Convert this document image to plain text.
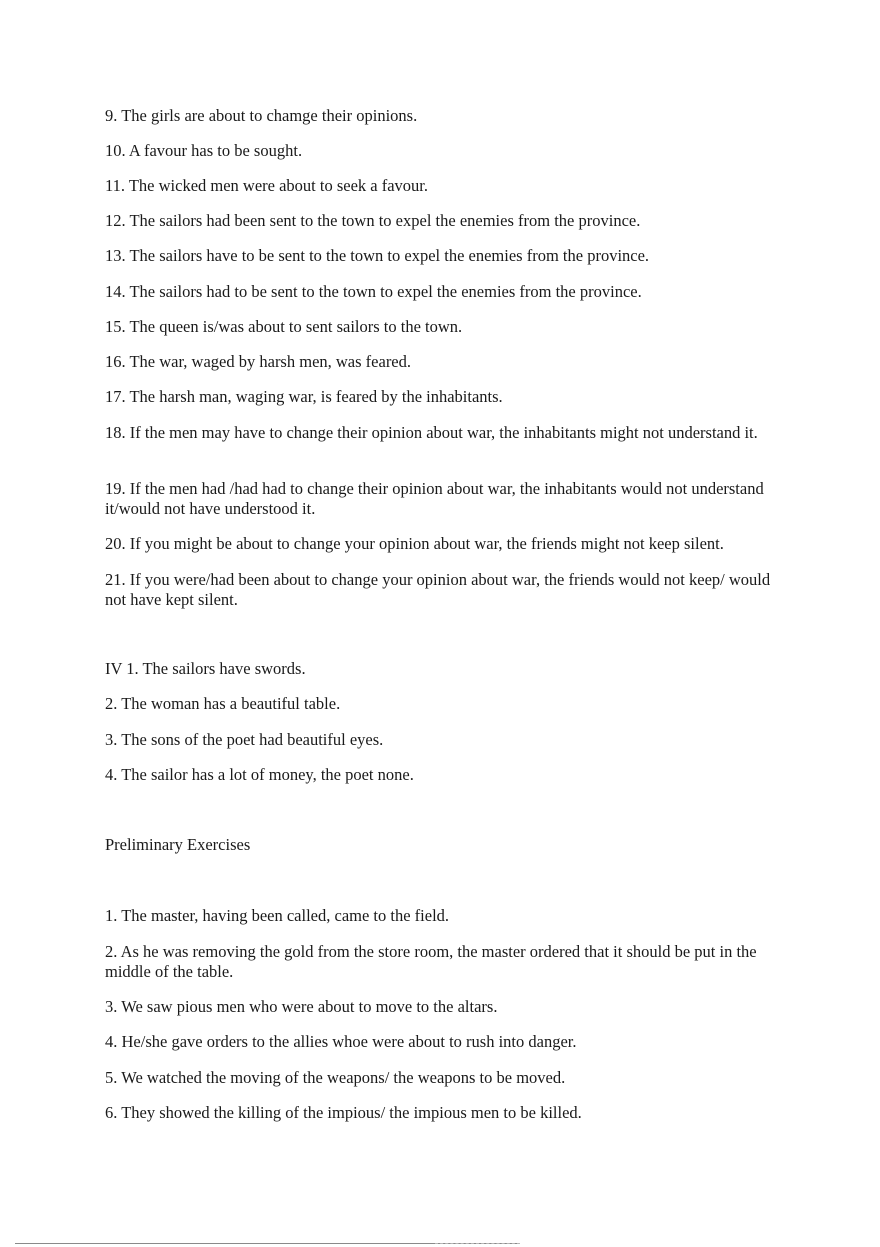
9. The girls are about to chamge their opinions.

10. A favour has to be sought.

11. The wicked men were about to seek a favour.

12. The sailors had been sent to the town to expel the enemies from the province.

13. The sailors have to be sent to the town to expel the enemies from the province.

14. The sailors had to be sent to the town to expel the enemies from the province.

15. The queen is/was about to sent sailors to the town.

16. The war, waged by harsh men, was feared.

17. The harsh man, waging war, is feared by the inhabitants.

18. If the men may have to change their opinion about war, the inhabitants might not understand it.

19. If the men had /had had to change their opinion about war, the inhabitants would not understand it/would not have understood it.

20. If you might be about to change your opinion about war, the friends might not keep silent.

21. If you were/had been about to change your opinion about war, the friends would not keep/ would not have kept silent.

IV 1. The sailors have swords.

2. The woman has a beautiful table.

3. The sons of the poet had beautiful eyes.

4. The sailor has a lot of money, the poet none.

Preliminary Exercises

1. The master, having been called, came to the field.

2. As he was removing the gold from the store room, the master ordered that it should be put in the middle of the table.

3. We saw pious men who were about to move to the altars.

4. He/she gave orders to the allies whoe were about to rush into danger.

5. We watched the moving of the weapons/ the weapons to be moved.

6. They showed the killing of the impious/ the impious men to be killed.
